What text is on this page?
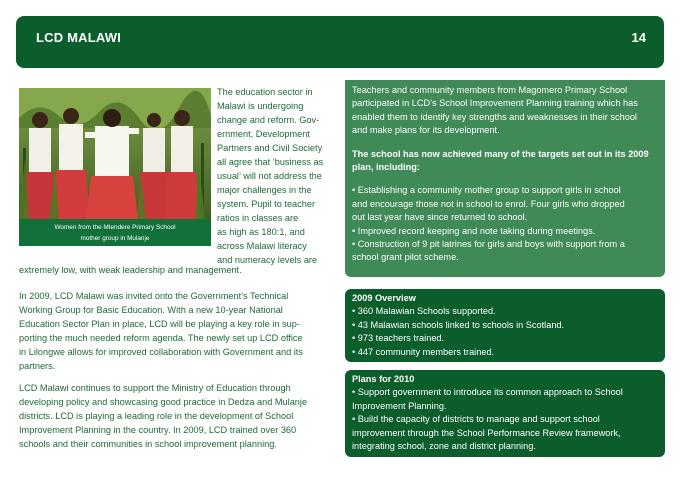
LCD MALAWI	14
Women from the Mtendere Primary School
mother group in Mulanje
The education sector in
Malawi is undergoing
change and reform. Gov-
ernment, Development
Partners and Civil Society
all agree that ‘business as
usual’ will not address the
major challenges in the
system. Pupil to teacher
ratios in classes are
as high as 180:1, and
across Malawi literacy
and numeracy levels are
extremely low, with weak leadership and management.
In 2009, LCD Malawi was invited onto the Government’s Technical
Working Group for Basic Education. With a new 10-year National
Education Sector Plan in place, LCD will be playing a key role in sup-
porting the much needed reform agenda. The newly set up LCD office
in Lilongwe allows for improved collaboration with Government and its
partners.
LCD Malawi continues to support the Ministry of Education through
developing policy and showcasing good practice in Dedza and Mulanje
districts. LCD is playing a leading role in the development of School
Improvement Planning in the country. In 2009, LCD trained over 360
schools and their communities in school improvement planning.
Teachers and community members from Magomero Primary School
participated in LCD’s School Improvement Planning training which has
enabled them to identify key strengths and weaknesses in their school
and make plans for its development.
The school has now achieved many of the targets set out in its 2009
plan, including:
• Establishing a community mother group to support girls in school
and encourage those not in school to enrol. Four girls who dropped
out last year have since returned to school.
• Improved record keeping and note taking during meetings.
• Construction of 9 pit latrines for girls and boys with support from a
school grant pilot scheme.
2009 Overview
• 360 Malawian Schools supported.
• 43 Malawian schools linked to schools in Scotland.
• 973 teachers trained.
• 447 community members trained.
Plans for 2010
• Support government to introduce its common approach to School
Improvement Planning.
• Build the capacity of districts to manage and support school
improvement through the School Performance Review framework,
integrating school, zone and district planning.
